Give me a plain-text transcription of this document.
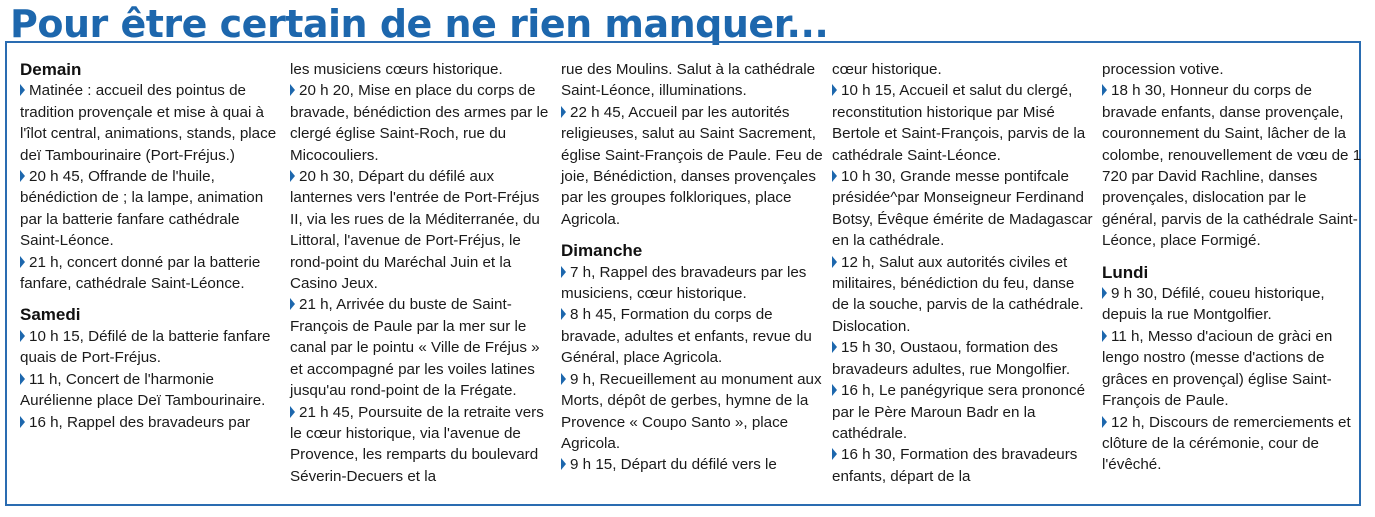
Pour être certain de ne rien manquer...
Demain

Matinée : accueil des pointus de tradition provençale et mise à quai à l'îlot central, animations, stands, place deï Tambourinaire (Port-Fréjus.)

20 h 45, Offrande de l'huile, bénédiction de ; la lampe, animation par la batterie fanfare cathédrale Saint-Léonce.

21 h, concert donné par la batterie fanfare, cathédrale Saint-Léonce.

Samedi

10 h 15, Défilé de la batterie fanfare quais de Port-Fréjus.

11 h, Concert de l'harmonie Aurélienne place Deï Tambourinaire.

16 h, Rappel des bravadeurs par

les musiciens cœurs historique.

20 h 20, Mise en place du corps de bravade, bénédiction des armes par le clergé église Saint-Roch, rue du Micocouliers.

20 h 30, Départ du défilé aux lanternes vers l'entrée de Port-Fréjus II, via les rues de la Méditerranée, du Littoral, l'avenue de Port-Fréjus, le rond-point du Maréchal Juin et la Casino Jeux.

21 h, Arrivée du buste de Saint-François de Paule par la mer sur le canal par le pointu « Ville de Fréjus » et accompagné par les voiles latines jusqu'au rond-point de la Frégate.

21 h 45, Poursuite de la retraite vers le cœur historique, via l'avenue de Provence, les remparts du boulevard Séverin-Decuers et la

rue des Moulins. Salut à la cathédrale Saint-Léonce, illuminations.

22 h 45, Accueil par les autorités religieuses, salut au Saint Sacrement, église Saint-François de Paule. Feu de joie, Bénédiction, danses provençales par les groupes folkloriques, place Agricola.

Dimanche

7 h, Rappel des bravadeurs par les musiciens, cœur historique.

8 h 45, Formation du corps de bravade, adultes et enfants, revue du Général, place Agricola.

9 h, Recueillement au monument aux Morts, dépôt de gerbes, hymne de la Provence « Coupo Santo », place Agricola.

9 h 15, Départ du défilé vers le

cœur historique.

10 h 15, Accueil et salut du clergé, reconstitution historique par Misé Bertole et Saint-François, parvis de la cathédrale Saint-Léonce.

10 h 30, Grande messe pontifcale présidée^par Monseigneur Ferdinand Botsy, Évêque émérite de Madagascar en la cathédrale.

12 h, Salut aux autorités civiles et militaires, bénédiction du feu, danse de la souche, parvis de la cathédrale. Dislocation.

15 h 30, Oustaou, formation des bravadeurs adultes, rue Mongolfier.

16 h, Le panégyrique sera prononcé par le Père Maroun Badr en la cathédrale.

16 h 30, Formation des bravadeurs enfants, départ de la

procession votive.

18 h 30, Honneur du corps de bravade enfants, danse provençale, couronnement du Saint, lâcher de la colombe, renouvellement de vœu de 1 720 par David Rachline, danses provençales, dislocation par le général, parvis de la cathédrale Saint-Léonce, place Formigé.

Lundi

9 h 30, Défilé, coueu historique, depuis la rue Montgolfier.

11 h, Messo d'acioun de gràci en lengo nostro (messe d'actions de grâces en provençal) église Saint-François de Paule.

12 h, Discours de remerciements et clôture de la cérémonie, cour de l'évêché.
